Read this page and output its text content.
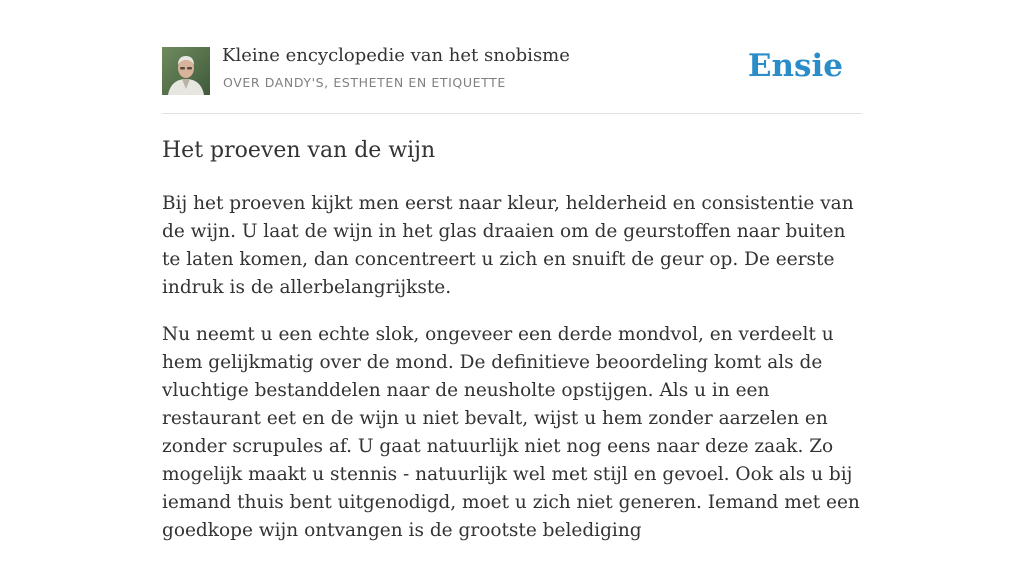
Kleine encyclopedie van het snobisme
OVER DANDY'S, ESTHETEN EN ETIQUETTE	Ensie
Het proeven van de wijn

Bij het proeven kijkt men eerst naar kleur, helderheid en consistentie van de wijn. U laat de wijn in het glas draaien om de geurstoffen naar buiten te laten komen, dan concentreert u zich en snuift de geur op. De eerste indruk is de allerbelangrijkste.

Nu neemt u een echte slok, ongeveer een derde mondvol, en verdeelt u hem gelijkmatig over de mond. De definitieve beoordeling komt als de vluchtige bestanddelen naar de neusholte opstijgen. Als u in een restaurant eet en de wijn u niet bevalt, wijst u hem zonder aarzelen en zonder scrupules af. U gaat natuurlijk niet nog eens naar deze zaak. Zo mogelijk maakt u stennis - natuurlijk wel met stijl en gevoel. Ook als u bij iemand thuis bent uitgenodigd, moet u zich niet generen. Iemand met een goedkope wijn ontvangen is de grootste belediging
